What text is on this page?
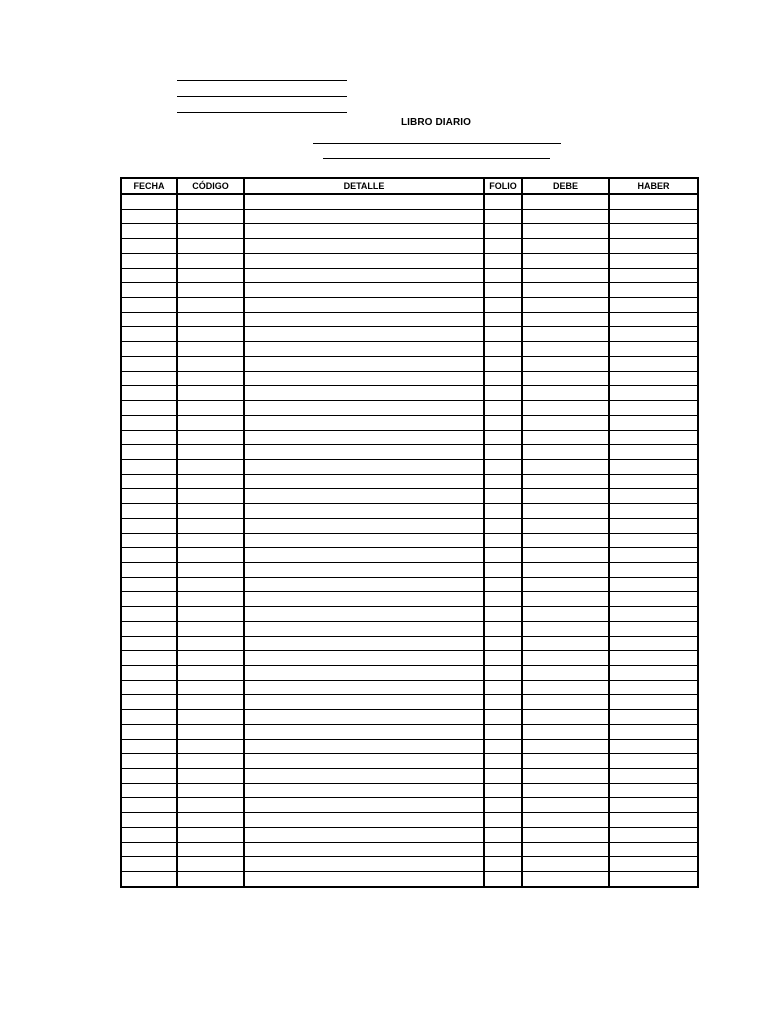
LIBRO DIARIO
FECHA	CÓDIGO	DETALLE	FOLIO	DEBE	HABER
